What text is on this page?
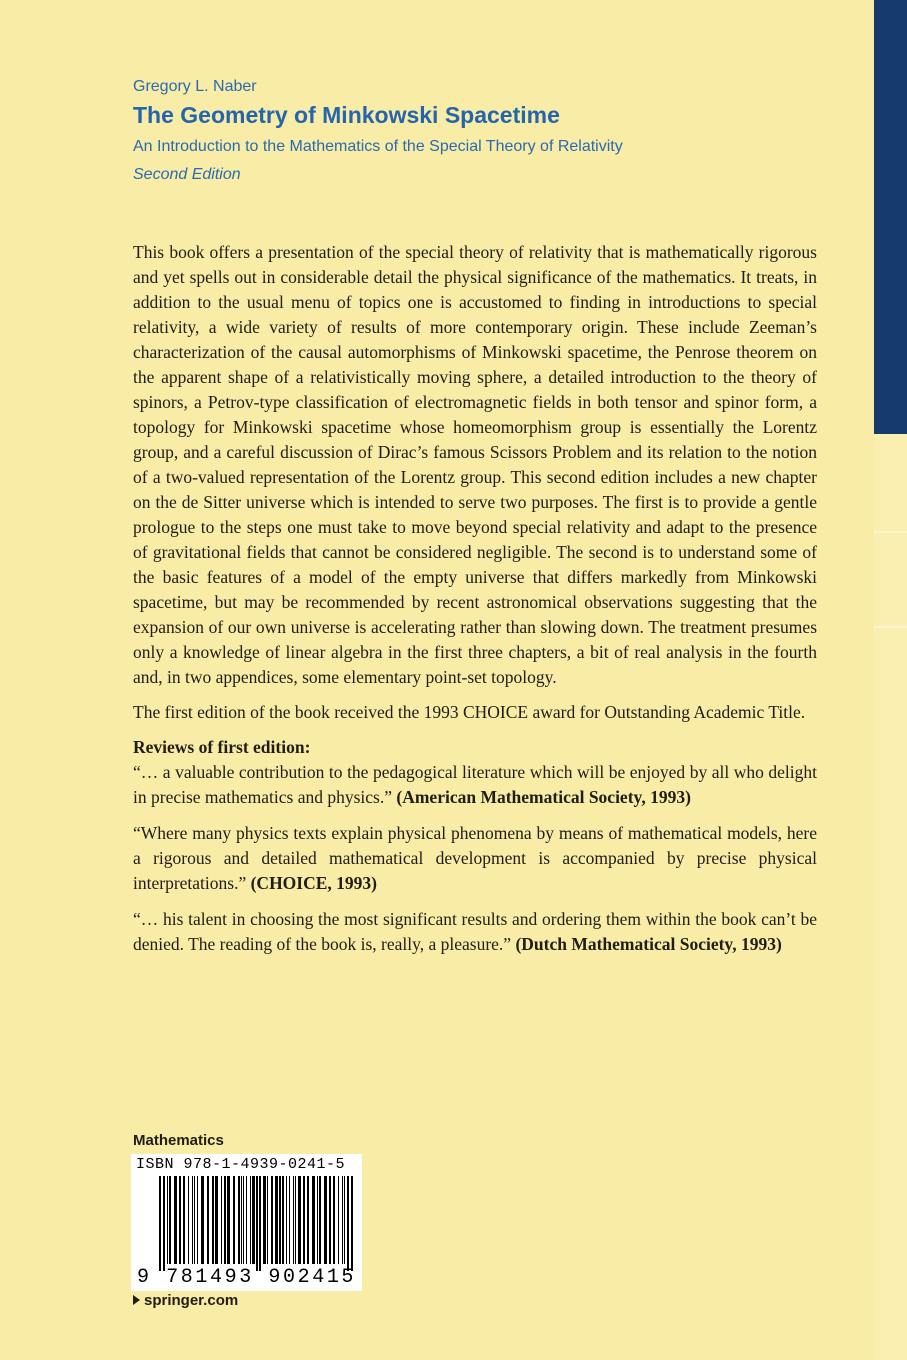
Gregory L. Naber

The Geometry of Minkowski Spacetime

An Introduction to the Mathematics of the Special Theory of Relativity

Second Edition

This book offers a presentation of the special theory of relativity that is mathematically rigorous and yet spells out in considerable detail the physical significance of the mathematics. It treats, in addition to the usual menu of topics one is accustomed to finding in introductions to special relativity, a wide variety of results of more contemporary origin. These include Zeeman’s characterization of the causal automorphisms of Minkowski spacetime, the Penrose theorem on the apparent shape of a relativistically moving sphere, a detailed introduction to the theory of spinors, a Petrov-type classification of electromagnetic fields in both tensor and spinor form, a topology for Minkowski spacetime whose homeomorphism group is essentially the Lorentz group, and a careful discussion of Dirac’s famous Scissors Problem and its relation to the notion of a two-valued representation of the Lorentz group. This second edition includes a new chapter on the de Sitter universe which is intended to serve two purposes. The first is to provide a gentle prologue to the steps one must take to move beyond special relativity and adapt to the presence of gravitational fields that cannot be considered negligible. The second is to understand some of the basic features of a model of the empty universe that differs markedly from Minkowski spacetime, but may be recommended by recent astronomical observations suggesting that the expansion of our own universe is accelerating rather than slowing down. The treatment presumes only a knowledge of linear algebra in the first three chapters, a bit of real analysis in the fourth and, in two appendices, some elementary point-set topology.

The first edition of the book received the 1993 CHOICE award for Outstanding Academic Title.

Reviews of first edition:

“… a valuable contribution to the pedagogical literature which will be enjoyed by all who delight in precise mathematics and physics.” (American Mathematical Society, 1993)

“Where many physics texts explain physical phenomena by means of mathematical models, here a rigorous and detailed mathematical development is accompanied by precise physical interpretations.” (CHOICE, 1993)

“… his talent in choosing the most significant results and ordering them within the book can’t be denied. The reading of the book is, really, a pleasure.” (Dutch Mathematical Society, 1993)

Mathematics
ISBN 978-1-4939-0241-5
9 781493 902415
springer.com
